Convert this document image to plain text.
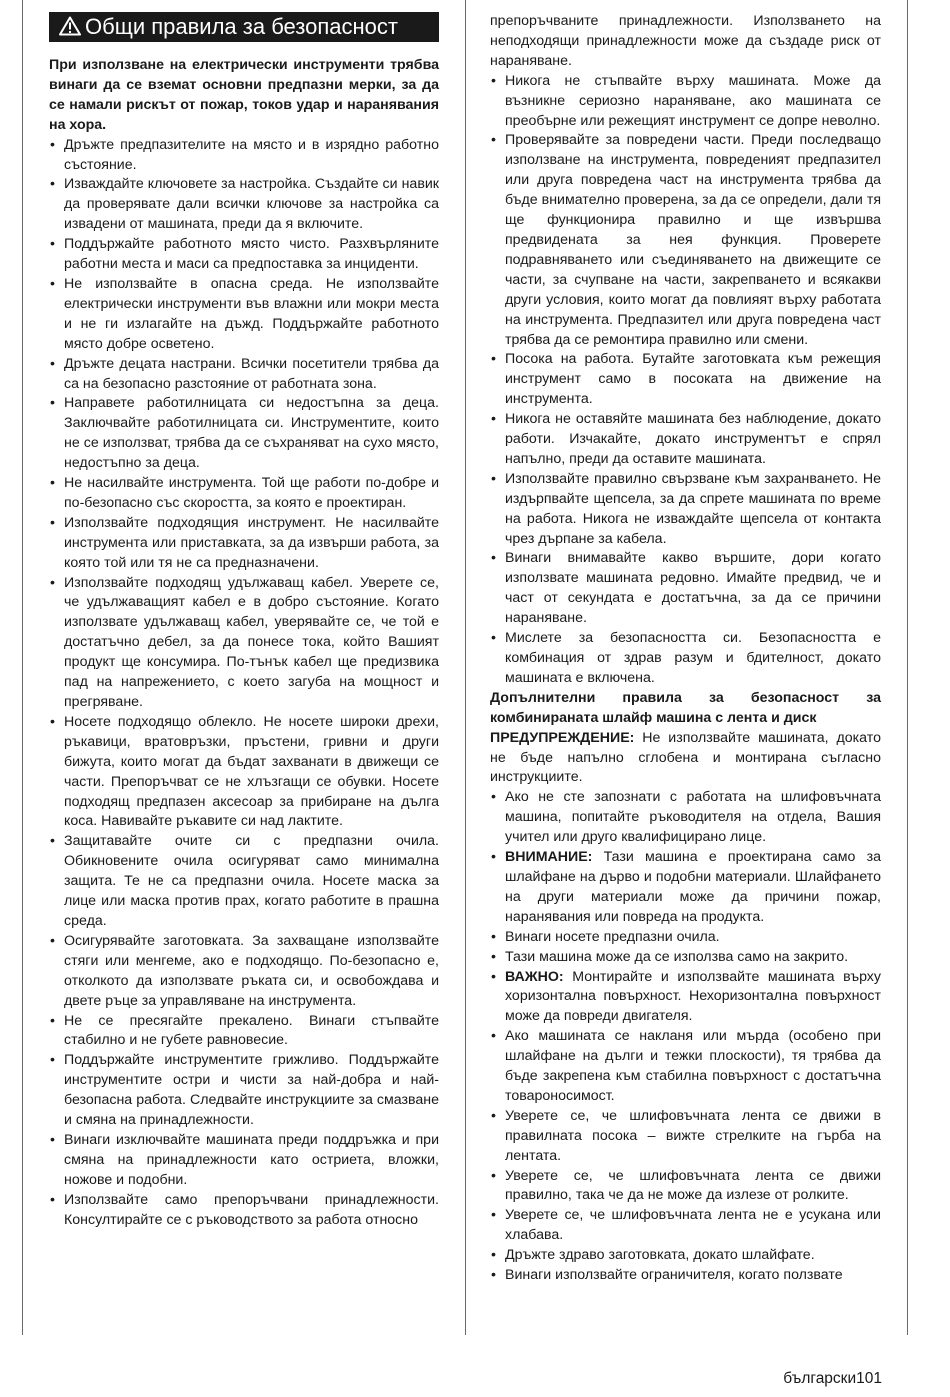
Общи правила за безопасност

При използване на електрически инструменти трябва винаги да се вземат основни предпазни мерки, за да се намали рискът от пожар, токов удар и наранявания на хора.

• Дръжте предпазителите на място и в изрядно работно състояние.
• Изваждайте ключовете за настройка. Създайте си навик да проверявате дали всички ключове за настройка са извадени от машината, преди да я включите.
• Поддържайте работното място чисто. Разхвърляните работни места и маси са предпоставка за инциденти.
• Не използвайте в опасна среда. Не използвайте електрически инструменти във влажни или мокри места и не ги излагайте на дъжд. Поддържайте работното място добре осветено.
• Дръжте децата настрани. Всички посетители трябва да са на безопасно разстояние от работната зона.
• Направете работилницата си недостъпна за деца. Заключвайте работилницата си. Инструментите, които не се използват, трябва да се съхраняват на сухо място, недостъпно за деца.
• Не насилвайте инструмента. Той ще работи по-добре и по-безопасно със скоростта, за която е проектиран.
• Използвайте подходящия инструмент. Не насилвайте инструмента или приставката, за да извърши работа, за която той или тя не са предназначени.
• Използвайте подходящ удължаващ кабел. Уверете се, че удължаващият кабел е в добро състояние. Когато използвате удължаващ кабел, уверявайте се, че той е достатъчно дебел, за да понесе тока, който Вашият продукт ще консумира. По-тънък кабел ще предизвика пад на напрежението, с което загуба на мощност и прегряване.
• Носете подходящо облекло. Не носете широки дрехи, ръкавици, вратовръзки, пръстени, гривни и други бижута, които могат да бъдат захванати в движещи се части. Препоръчват се не хлъзгащи се обувки. Носете подходящ предпазен аксесоар за прибиране на дълга коса. Навивайте ръкавите си над лактите.
• Защитавайте очите си с предпазни очила. Обикновените очила осигуряват само минимална защита. Те не са предпазни очила. Носете маска за лице или маска против прах, когато работите в прашна среда.
• Осигурявайте заготовката. За захващане използвайте стяги или менгеме, ако е подходящо. По-безопасно е, отколкото да използвате ръката си, и освобождава и двете ръце за управляване на инструмента.
• Не се пресягайте прекалено. Винаги стъпвайте стабилно и не губете равновесие.
• Поддържайте инструментите грижливо. Поддържайте инструментите остри и чисти за най-добра и най-безопасна работа. Следвайте инструкциите за смазване и смяна на принадлежности.
• Винаги изключвайте машината преди поддръжка и при смяна на принадлежности като остриета, вложки, ножове и подобни.
• Използвайте само препоръчвани принадлежности. Консултирайте се с ръководството за работа относно

препоръчваните принадлежности. Използването на неподходящи принадлежности може да създаде риск от нараняване.

• Никога не стъпвайте върху машината. Може да възникне сериозно нараняване, ако машината се преобърне или режещият инструмент се допре неволно.
• Проверявайте за повредени части. Преди последващо използване на инструмента, повреденият предпазител или друга повредена част на инструмента трябва да бъде внимателно проверена, за да се определи, дали тя ще функционира правилно и ще извършва предвидената за нея функция. Проверете подравняването или съединяването на движещите се части, за счупване на части, закрепването и всякакви други условия, които могат да повлияят върху работата на инструмента. Предпазител или друга повредена част трябва да се ремонтира правилно или смени.
• Посока на работа. Бутайте заготовката към режещия инструмент само в посоката на движение на инструмента.
• Никога не оставяйте машината без наблюдение, докато работи. Изчакайте, докато инструментът е спрял напълно, преди да оставите машината.
• Използвайте правилно свързване към захранването. Не издърпвайте щепсела, за да спрете машината по време на работа. Никога не изваждайте щепсела от контакта чрез дърпане за кабела.
• Винаги внимавайте какво вършите, дори когато използвате машината редовно. Имайте предвид, че и част от секундата е достатъчна, за да се причини нараняване.
• Мислете за безопасността си. Безопасността е комбинация от здрав разум и бдителност, докато машината е включена.

Допълнителни правила за безопасност за комбинираната шлайф машина с лента и диск

ПРЕДУПРЕЖДЕНИЕ: Не използвайте машината, докато не бъде напълно сглобена и монтирана съгласно инструкциите.

• Ако не сте запознати с работата на шлифовъчната машина, попитайте ръководителя на отдела, Вашия учител или друго квалифицирано лице.
• ВНИМАНИЕ: Тази машина е проектирана само за шлайфане на дърво и подобни материали. Шлайфането на други материали може да причини пожар, наранявания или повреда на продукта.
• Винаги носете предпазни очила.
• Тази машина може да се използва само на закрито.
• ВАЖНО: Монтирайте и използвайте машината върху хоризонтална повърхност. Нехоризонтална повърхност може да повреди двигателя.
• Ако машината се накланя или мърда (особено при шлайфане на дълги и тежки плоскости), тя трябва да бъде закрепена към стабилна повърхност с достатъчна товароносимост.
• Уверете се, че шлифовъчната лента се движи в правилната посока – вижте стрелките на гърба на лентата.
• Уверете се, че шлифовъчната лента се движи правилно, така че да не може да излезе от ролките.
• Уверете се, че шлифовъчната лента не е усукана или хлабава.
• Дръжте здраво заготовката, докато шлайфате.
• Винаги използвайте ограничителя, когато ползвате
български101
